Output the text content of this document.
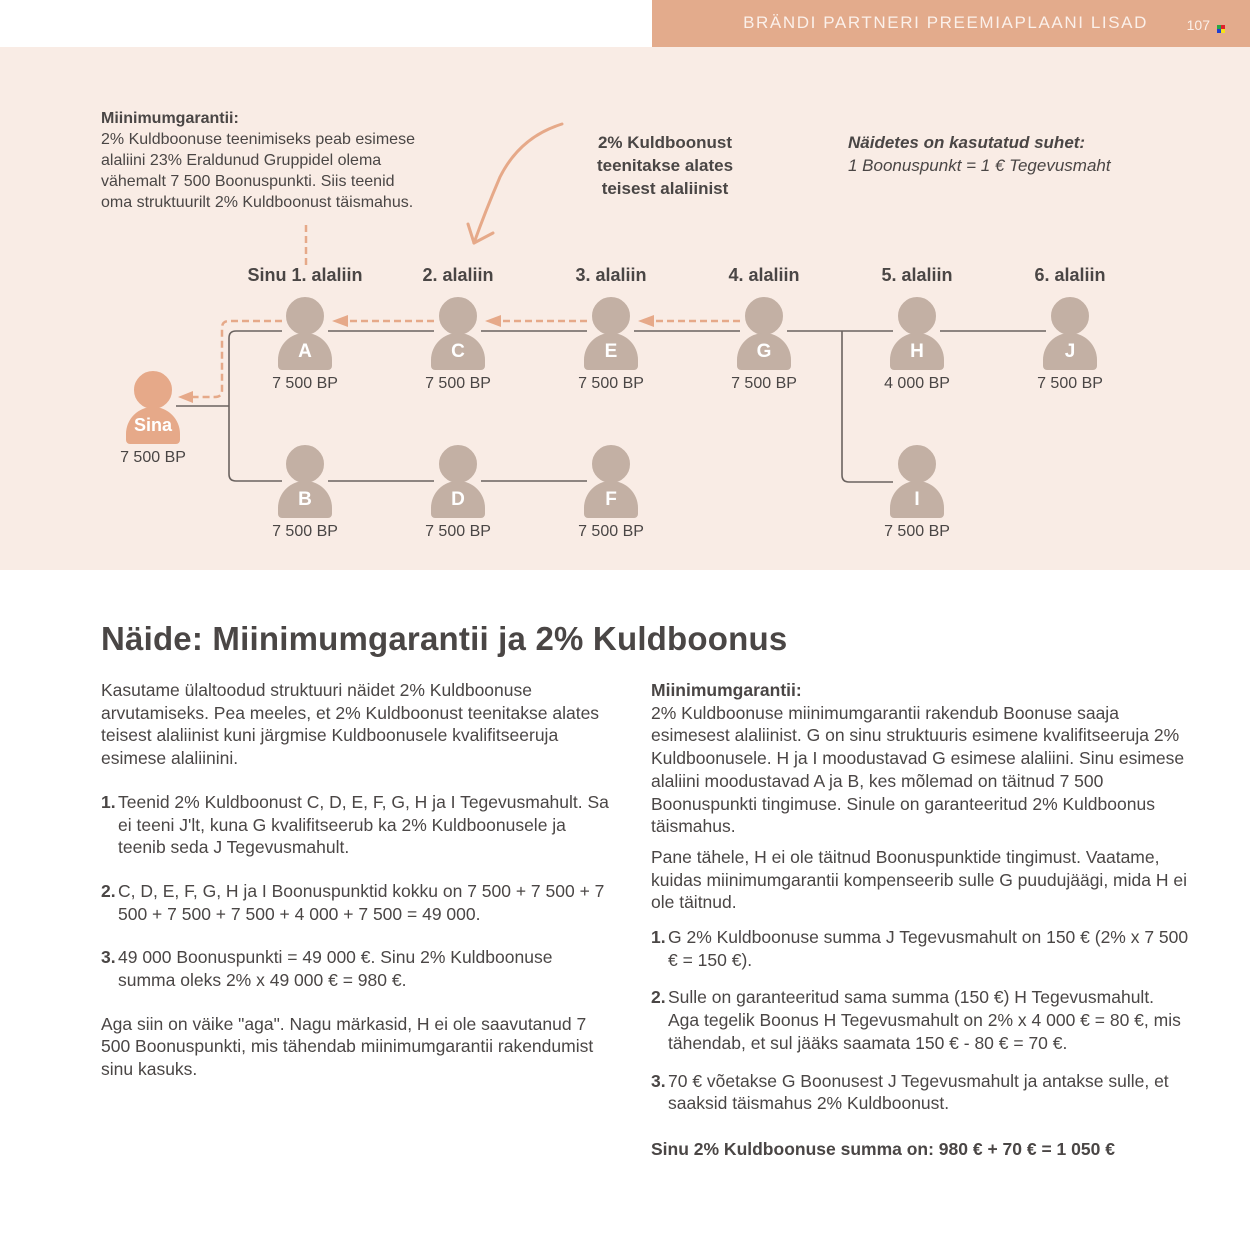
BRÄNDI PARTNERI PREEMIAPLAANI LISAD	107
Miinimumgarantii:
2% Kuldboonuse teenimiseks peab esimese
alaliini 23% Eraldunud Gruppidel olema
vähemalt 7 500 Boonuspunkti. Siis teenid
oma struktuurilt 2% Kuldboonust täismahus.
2% Kuldboonust
teenitakse alates
teisest alaliinist
Näidetes on kasutatud suhet:
1 Boonuspunkt = 1 € Tegevusmaht
Sinu 1. alaliin	2. alaliin	3. alaliin	4. alaliin	5. alaliin	6. alaliin
Sina
7 500 BP
A
7 500 BP
C
7 500 BP
E
7 500 BP
G
7 500 BP
H
4 000 BP
J
7 500 BP
B
7 500 BP
D
7 500 BP
F
7 500 BP
I
7 500 BP
Näide: Miinimumgarantii ja 2% Kuldboonus

Kasutame ülaltoodud struktuuri näidet 2% Kuldboonuse arvutamiseks. Pea meeles, et 2% Kuldboonust teenitakse alates teisest alaliinist kuni järgmise Kuldboonusele kvalifitseeruja esimese alaliinini.

1. Teenid 2% Kuldboonust C, D, E, F, G, H ja I Tegevusmahult. Sa ei teeni J'lt, kuna G kvalifitseerub ka 2% Kuldboonusele ja teenib seda J Tegevusmahult.
2. C, D, E, F, G, H ja I Boonuspunktid kokku on 7 500 + 7 500 + 7 500 + 7 500 + 7 500 + 4 000 + 7 500 = 49 000.
3. 49 000 Boonuspunkti = 49 000 €. Sinu 2% Kuldboonuse summa oleks 2% x 49 000 € = 980 €.

Aga siin on väike "aga". Nagu märkasid, H ei ole saavutanud 7 500 Boonuspunkti, mis tähendab miinimumgarantii rakendumist sinu kasuks.

Miinimumgarantii:
2% Kuldboonuse miinimumgarantii rakendub Boonuse saaja esimesest alaliinist. G on sinu struktuuris esimene kvalifitseeruja 2% Kuldboonusele. H ja I moodustavad G esimese alaliini. Sinu esimese alaliini moodustavad A ja B, kes mõlemad on täitnud 7 500 Boonuspunkti tingimuse. Sinule on garanteeritud 2% Kuldboonus täismahus.
Pane tähele, H ei ole täitnud Boonuspunktide tingimust. Vaatame, kuidas miinimumgarantii kompenseerib sulle G puudujäägi, mida H ei ole täitnud.
1. G 2% Kuldboonuse summa J Tegevusmahult on 150 € (2% x 7 500 € = 150 €).
2. Sulle on garanteeritud sama summa (150 €) H Tegevusmahult.
Aga tegelik Boonus H Tegevusmahult on 2% x 4 000 € = 80 €, mis tähendab, et sul jääks saamata 150 € - 80 € = 70 €.
3. 70 € võetakse G Boonusest J Tegevusmahult ja antakse sulle, et saaksid täismahus 2% Kuldboonust.
Sinu 2% Kuldboonuse summa on: 980 € + 70 € = 1 050 €
